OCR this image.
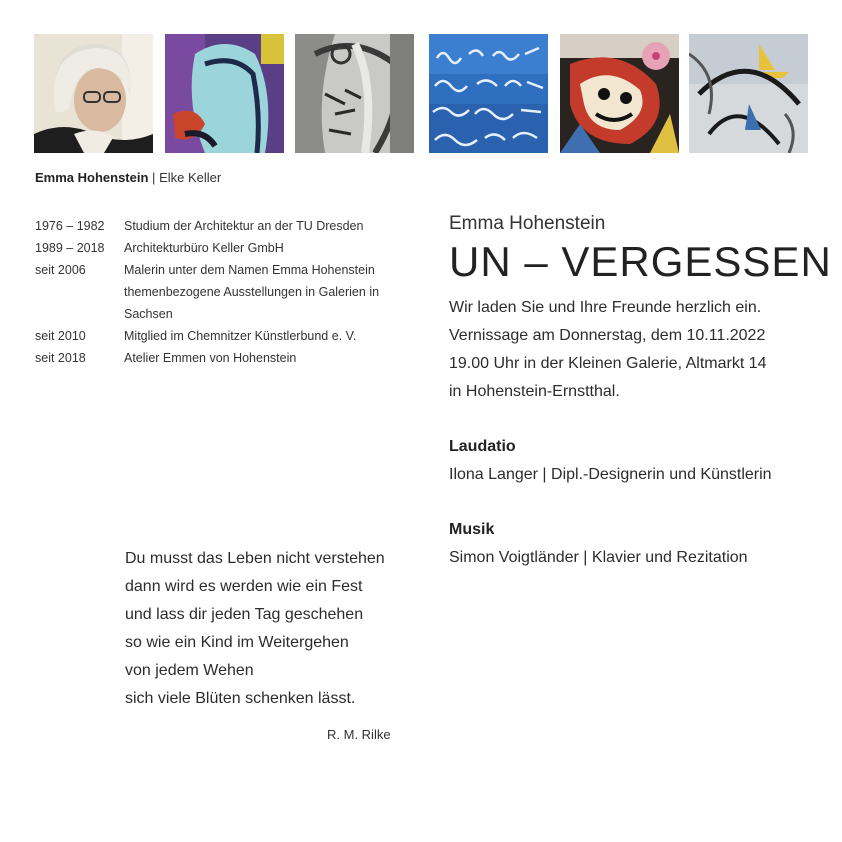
Emma Hohenstein | Elke Keller
1976 – 1982	Studium der Architektur an der TU Dresden
1989 – 2018	Architekturbüro Keller GmbH
seit 2006	Malerin unter dem Namen Emma Hohenstein
themenbezogene Ausstellungen in Galerien in
Sachsen
seit 2010	Mitglied im Chemnitzer Künstlerbund e. V.
seit 2018	Atelier Emmen von Hohenstein
Emma Hohenstein
UN – VERGESSEN
Wir laden Sie und Ihre Freunde herzlich ein.
Vernissage am Donnerstag, dem 10.11.2022
19.00 Uhr in der Kleinen Galerie, Altmarkt 14
in Hohenstein-Ernstthal.
Laudatio
Ilona Langer | Dipl.-Designerin und Künstlerin
Musik
Simon Voigtländer | Klavier und Rezitation
Du musst das Leben nicht verstehen
dann wird es werden wie ein Fest
und lass dir jeden Tag geschehen
so wie ein Kind im Weitergehen
von jedem Wehen
sich viele Blüten schenken lässt.
R. M. Rilke
